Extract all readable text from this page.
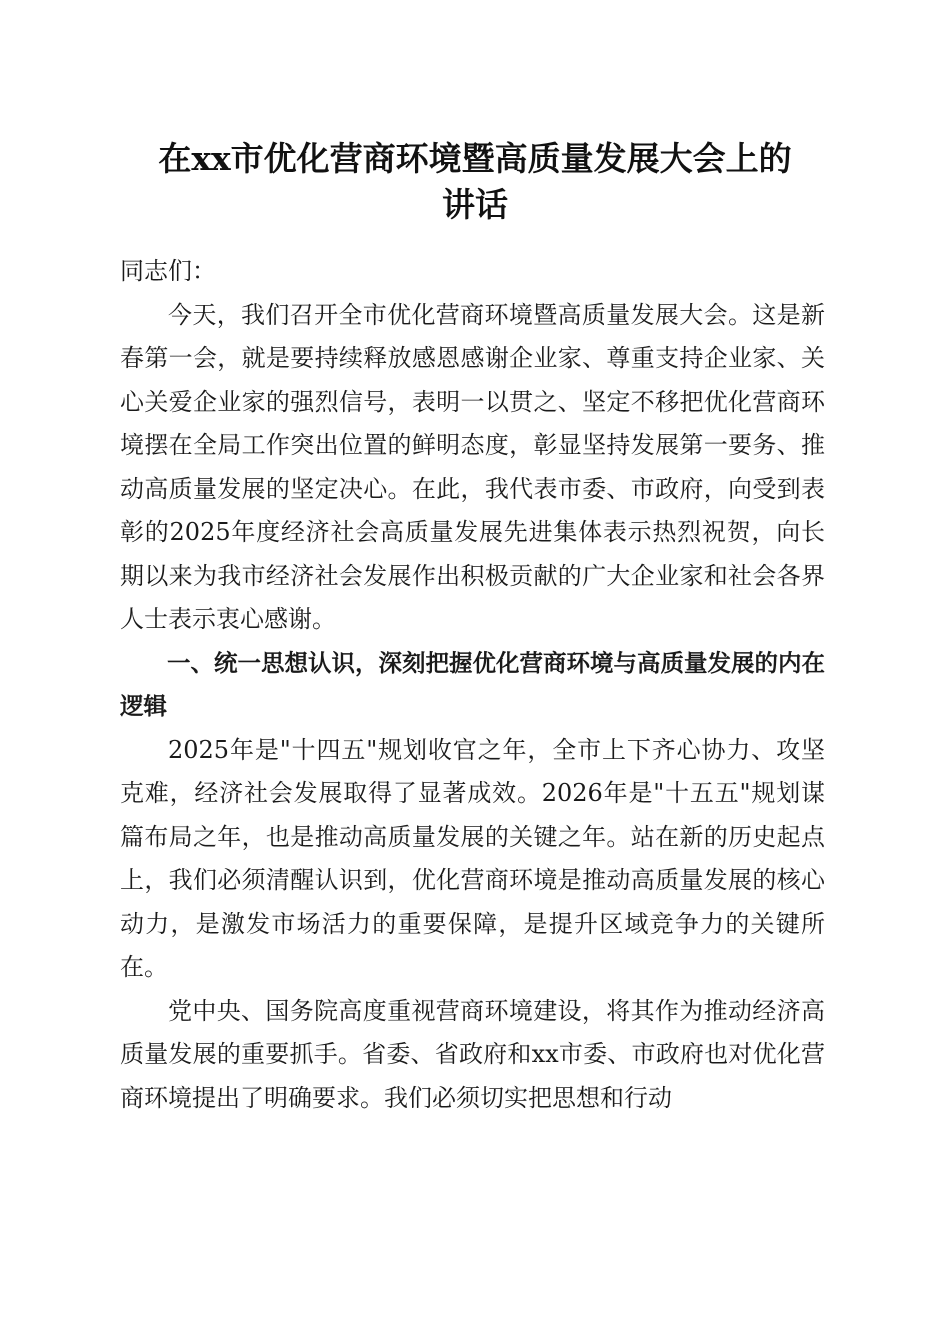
在xx市优化营商环境暨高质量发展大会上的
讲话

同志们：

今天，我们召开全市优化营商环境暨高质量发展大会。这是新春第一会，就是要持续释放感恩感谢企业家、尊重支持企业家、关心关爱企业家的强烈信号，表明一以贯之、坚定不移把优化营商环境摆在全局工作突出位置的鲜明态度，彰显坚持发展第一要务、推动高质量发展的坚定决心。在此，我代表市委、市政府，向受到表彰的2025年度经济社会高质量发展先进集体表示热烈祝贺，向长期以来为我市经济社会发展作出积极贡献的广大企业家和社会各界人士表示衷心感谢。

一、统一思想认识，深刻把握优化营商环境与高质量发展的内在逻辑

2025年是"十四五"规划收官之年，全市上下齐心协力、攻坚克难，经济社会发展取得了显著成效。2026年是"十五五"规划谋篇布局之年，也是推动高质量发展的关键之年。站在新的历史起点上，我们必须清醒认识到，优化营商环境是推动高质量发展的核心动力，是激发市场活力的重要保障，是提升区域竞争力的关键所在。

党中央、国务院高度重视营商环境建设，将其作为推动经济高质量发展的重要抓手。省委、省政府和xx市委、市政府也对优化营商环境提出了明确要求。我们必须切实把思想和行动
